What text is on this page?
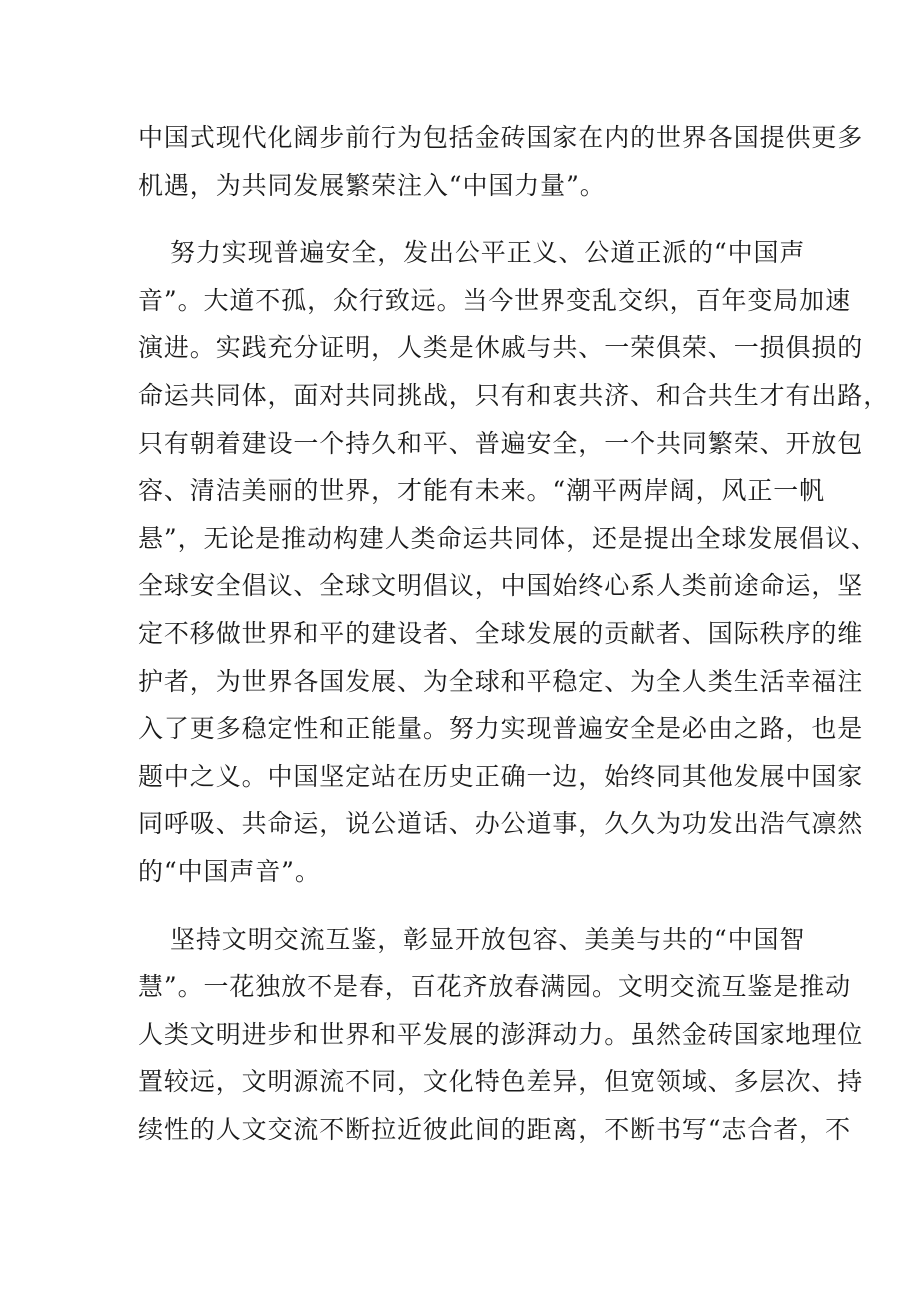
中国式现代化阔步前行为包括金砖国家在内的世界各国提供更多
机遇，为共同发展繁荣注入“中国力量”。
努力实现普遍安全，发出公平正义、公道正派的“中国声
音”。大道不孤，众行致远。当今世界变乱交织，百年变局加速
演进。实践充分证明，人类是休戚与共、一荣俱荣、一损俱损的
命运共同体，面对共同挑战，只有和衷共济、和合共生才有出路，
只有朝着建设一个持久和平、普遍安全，一个共同繁荣、开放包
容、清洁美丽的世界，才能有未来。“潮平两岸阔，风正一帆
悬”，无论是推动构建人类命运共同体，还是提出全球发展倡议、
全球安全倡议、全球文明倡议，中国始终心系人类前途命运，坚
定不移做世界和平的建设者、全球发展的贡献者、国际秩序的维
护者，为世界各国发展、为全球和平稳定、为全人类生活幸福注
入了更多稳定性和正能量。努力实现普遍安全是必由之路，也是
题中之义。中国坚定站在历史正确一边，始终同其他发展中国家
同呼吸、共命运，说公道话、办公道事，久久为功发出浩气凛然
的“中国声音”。
坚持文明交流互鉴，彰显开放包容、美美与共的“中国智
慧”。一花独放不是春，百花齐放春满园。文明交流互鉴是推动
人类文明进步和世界和平发展的澎湃动力。虽然金砖国家地理位
置较远，文明源流不同，文化特色差异，但宽领域、多层次、持
续性的人文交流不断拉近彼此间的距离，不断书写“志合者，不
